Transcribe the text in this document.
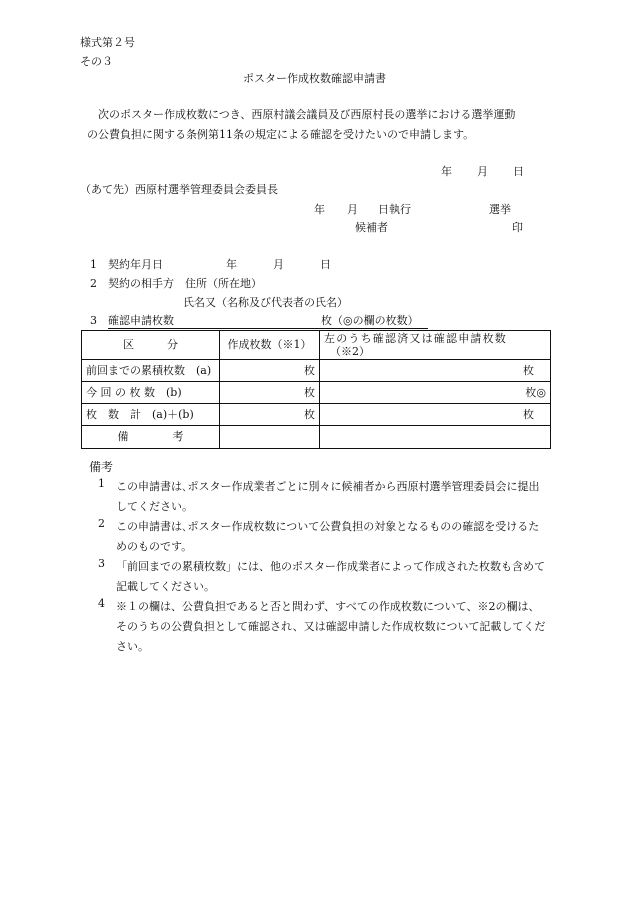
様式第２号
その３
ポスター作成枚数確認申請書
次のポスター作成枚数につき、西原村議会議員及び西原村長の選挙における選挙運動
の公費負担に関する条例第11条の規定による確認を受けたいので申請します。
年 月 日
（あて先）西原村選挙管理委員会委員長
年 月 日執行	選挙
候補者	印
1 契約年月日	年	月	日
2 契約の相手方　住所（所在地）
氏名又（名称及び代表者の氏名）
3 確認申請枚数	枚（◎の欄の枚数）
区　　　分	作成枚数（※1）	左のうち確認済又は確認申請枚数
（※2）

前回までの累積枚数　(a)	枚	枚
今 回 の 枚 数　(b)	枚	枚◎
枚　数　計　(a)＋(b)	枚	枚
備　　　　考		
備考
1 この申請書は､ポスター作成業者ごとに別々に候補者から西原村選挙管理委員会に提出してください。
2 この申請書は､ポスター作成枚数について公費負担の対象となるものの確認を受けるためのものです。
3 「前回までの累積枚数」には、他のポスター作成業者によって作成された枚数も含めて記載してください。
4 ※１の欄は、公費負担であると否と問わず、すべての作成枚数について、※2の欄は、そのうちの公費負担として確認され、又は確認申請した作成枚数について記載してください。
